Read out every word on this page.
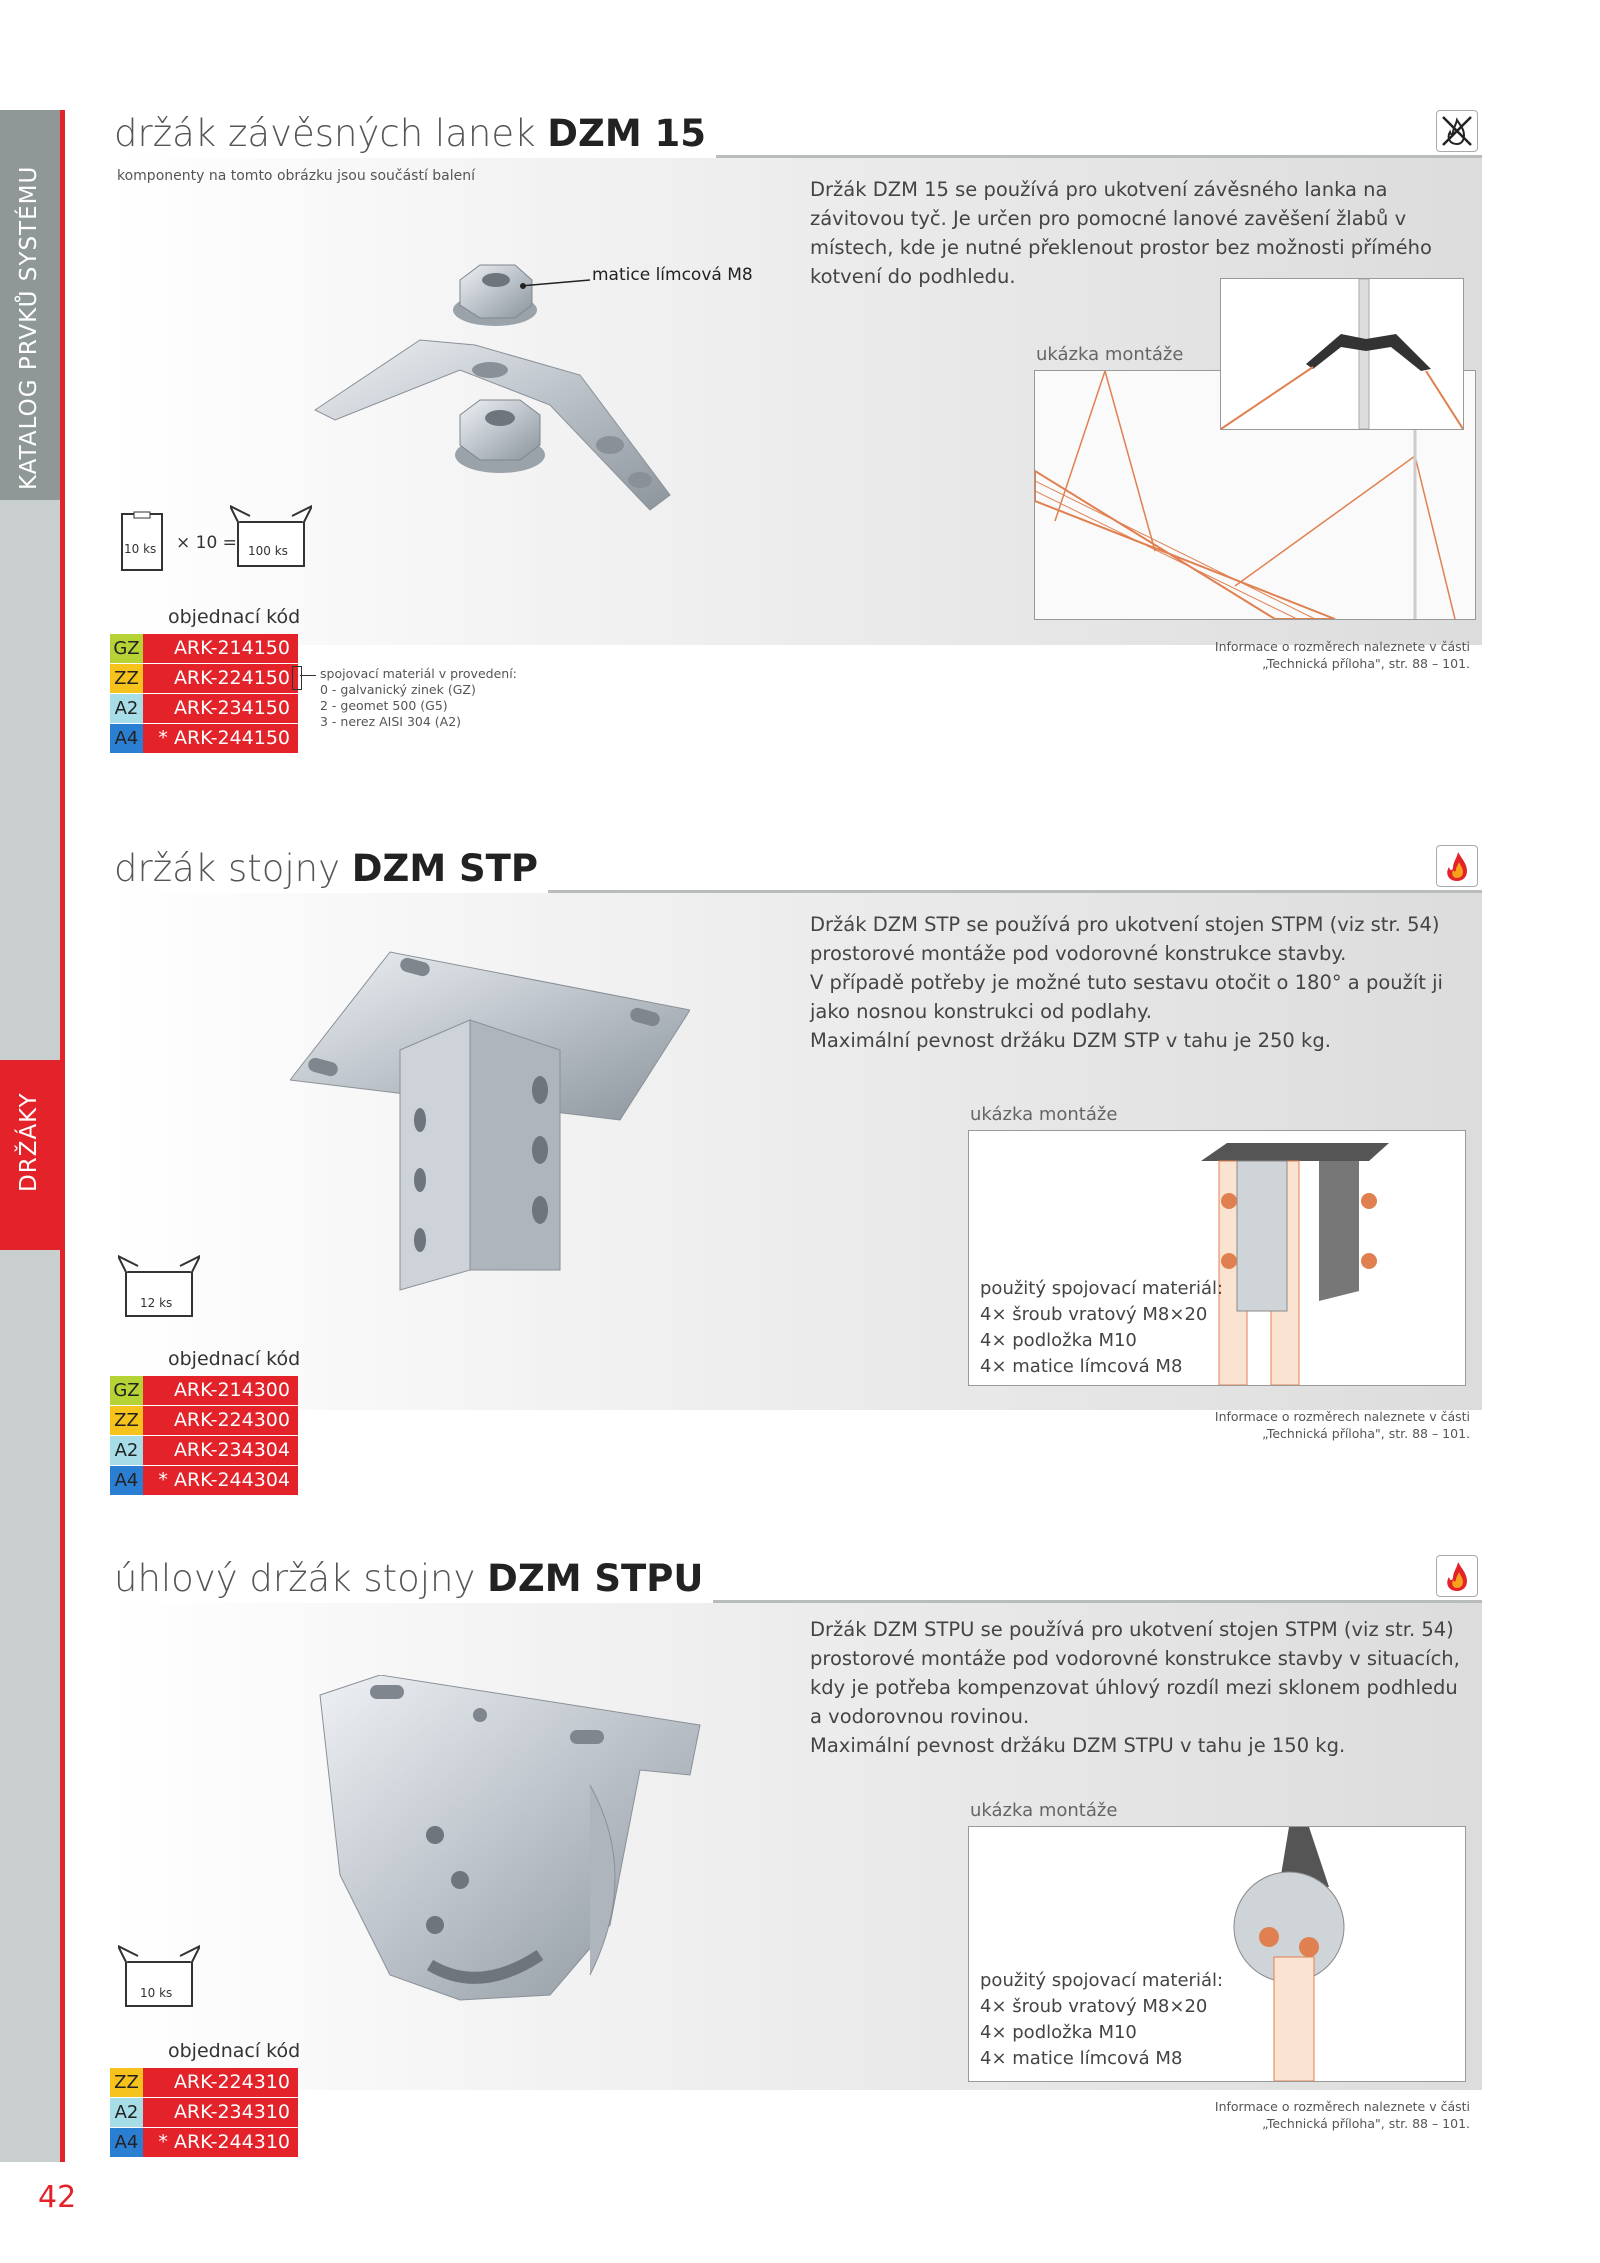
KATALOG PRVKŮ SYSTÉMU
DRŽÁKY
42
držák závěsných lanek DZM 15
komponenty na tomto obrázku jsou součástí balení
matice límcová M8
Držák DZM 15 se používá pro ukotvení závěsného lanka na závitovou tyč. Je určen pro pomocné lanové zavěšení žlabů v místech, kde je nutné překlenout prostor bez možnosti přímého kotvení do podhledu.
ukázka montáže
10 ks × 10 = 100 ks
objednací kód
GZ	ARK-214150
ZZ	ARK-224150
A2	ARK-234150
A4	* ARK-244150
spojovací materiál v provedení:
0 - galvanický zinek (GZ)
2 - geomet 500 (G5)
3 - nerez AISI 304 (A2)
Informace o rozměrech naleznete v části
„Technická příloha", str. 88 – 101.
držák stojny DZM STP
Držák DZM STP se používá pro ukotvení stojen STPM (viz str. 54) prostorové montáže pod vodorovné konstrukce stavby.
V případě potřeby je možné tuto sestavu otočit o 180° a použít ji jako nosnou konstrukci od podlahy.
Maximální pevnost držáku DZM STP v tahu je 250 kg.
ukázka montáže
použitý spojovací materiál:
4× šroub vratový M8×20
4× podložka M10
4× matice límcová M8
12 ks
objednací kód
GZ	ARK-214300
ZZ	ARK-224300
A2	ARK-234304
A4	* ARK-244304
Informace o rozměrech naleznete v části
„Technická příloha", str. 88 – 101.
úhlový držák stojny DZM STPU
Držák DZM STPU se používá pro ukotvení stojen STPM (viz str. 54) prostorové montáže pod vodorovné konstrukce stavby v situacích, kdy je potřeba kompenzovat úhlový rozdíl mezi sklonem podhledu a vodorovnou rovinou.
Maximální pevnost držáku DZM STPU v tahu je 150 kg.
ukázka montáže
použitý spojovací materiál:
4× šroub vratový M8×20
4× podložka M10
4× matice límcová M8
10 ks
objednací kód
ZZ	ARK-224310
A2	ARK-234310
A4	* ARK-244310
Informace o rozměrech naleznete v části
„Technická příloha", str. 88 – 101.
